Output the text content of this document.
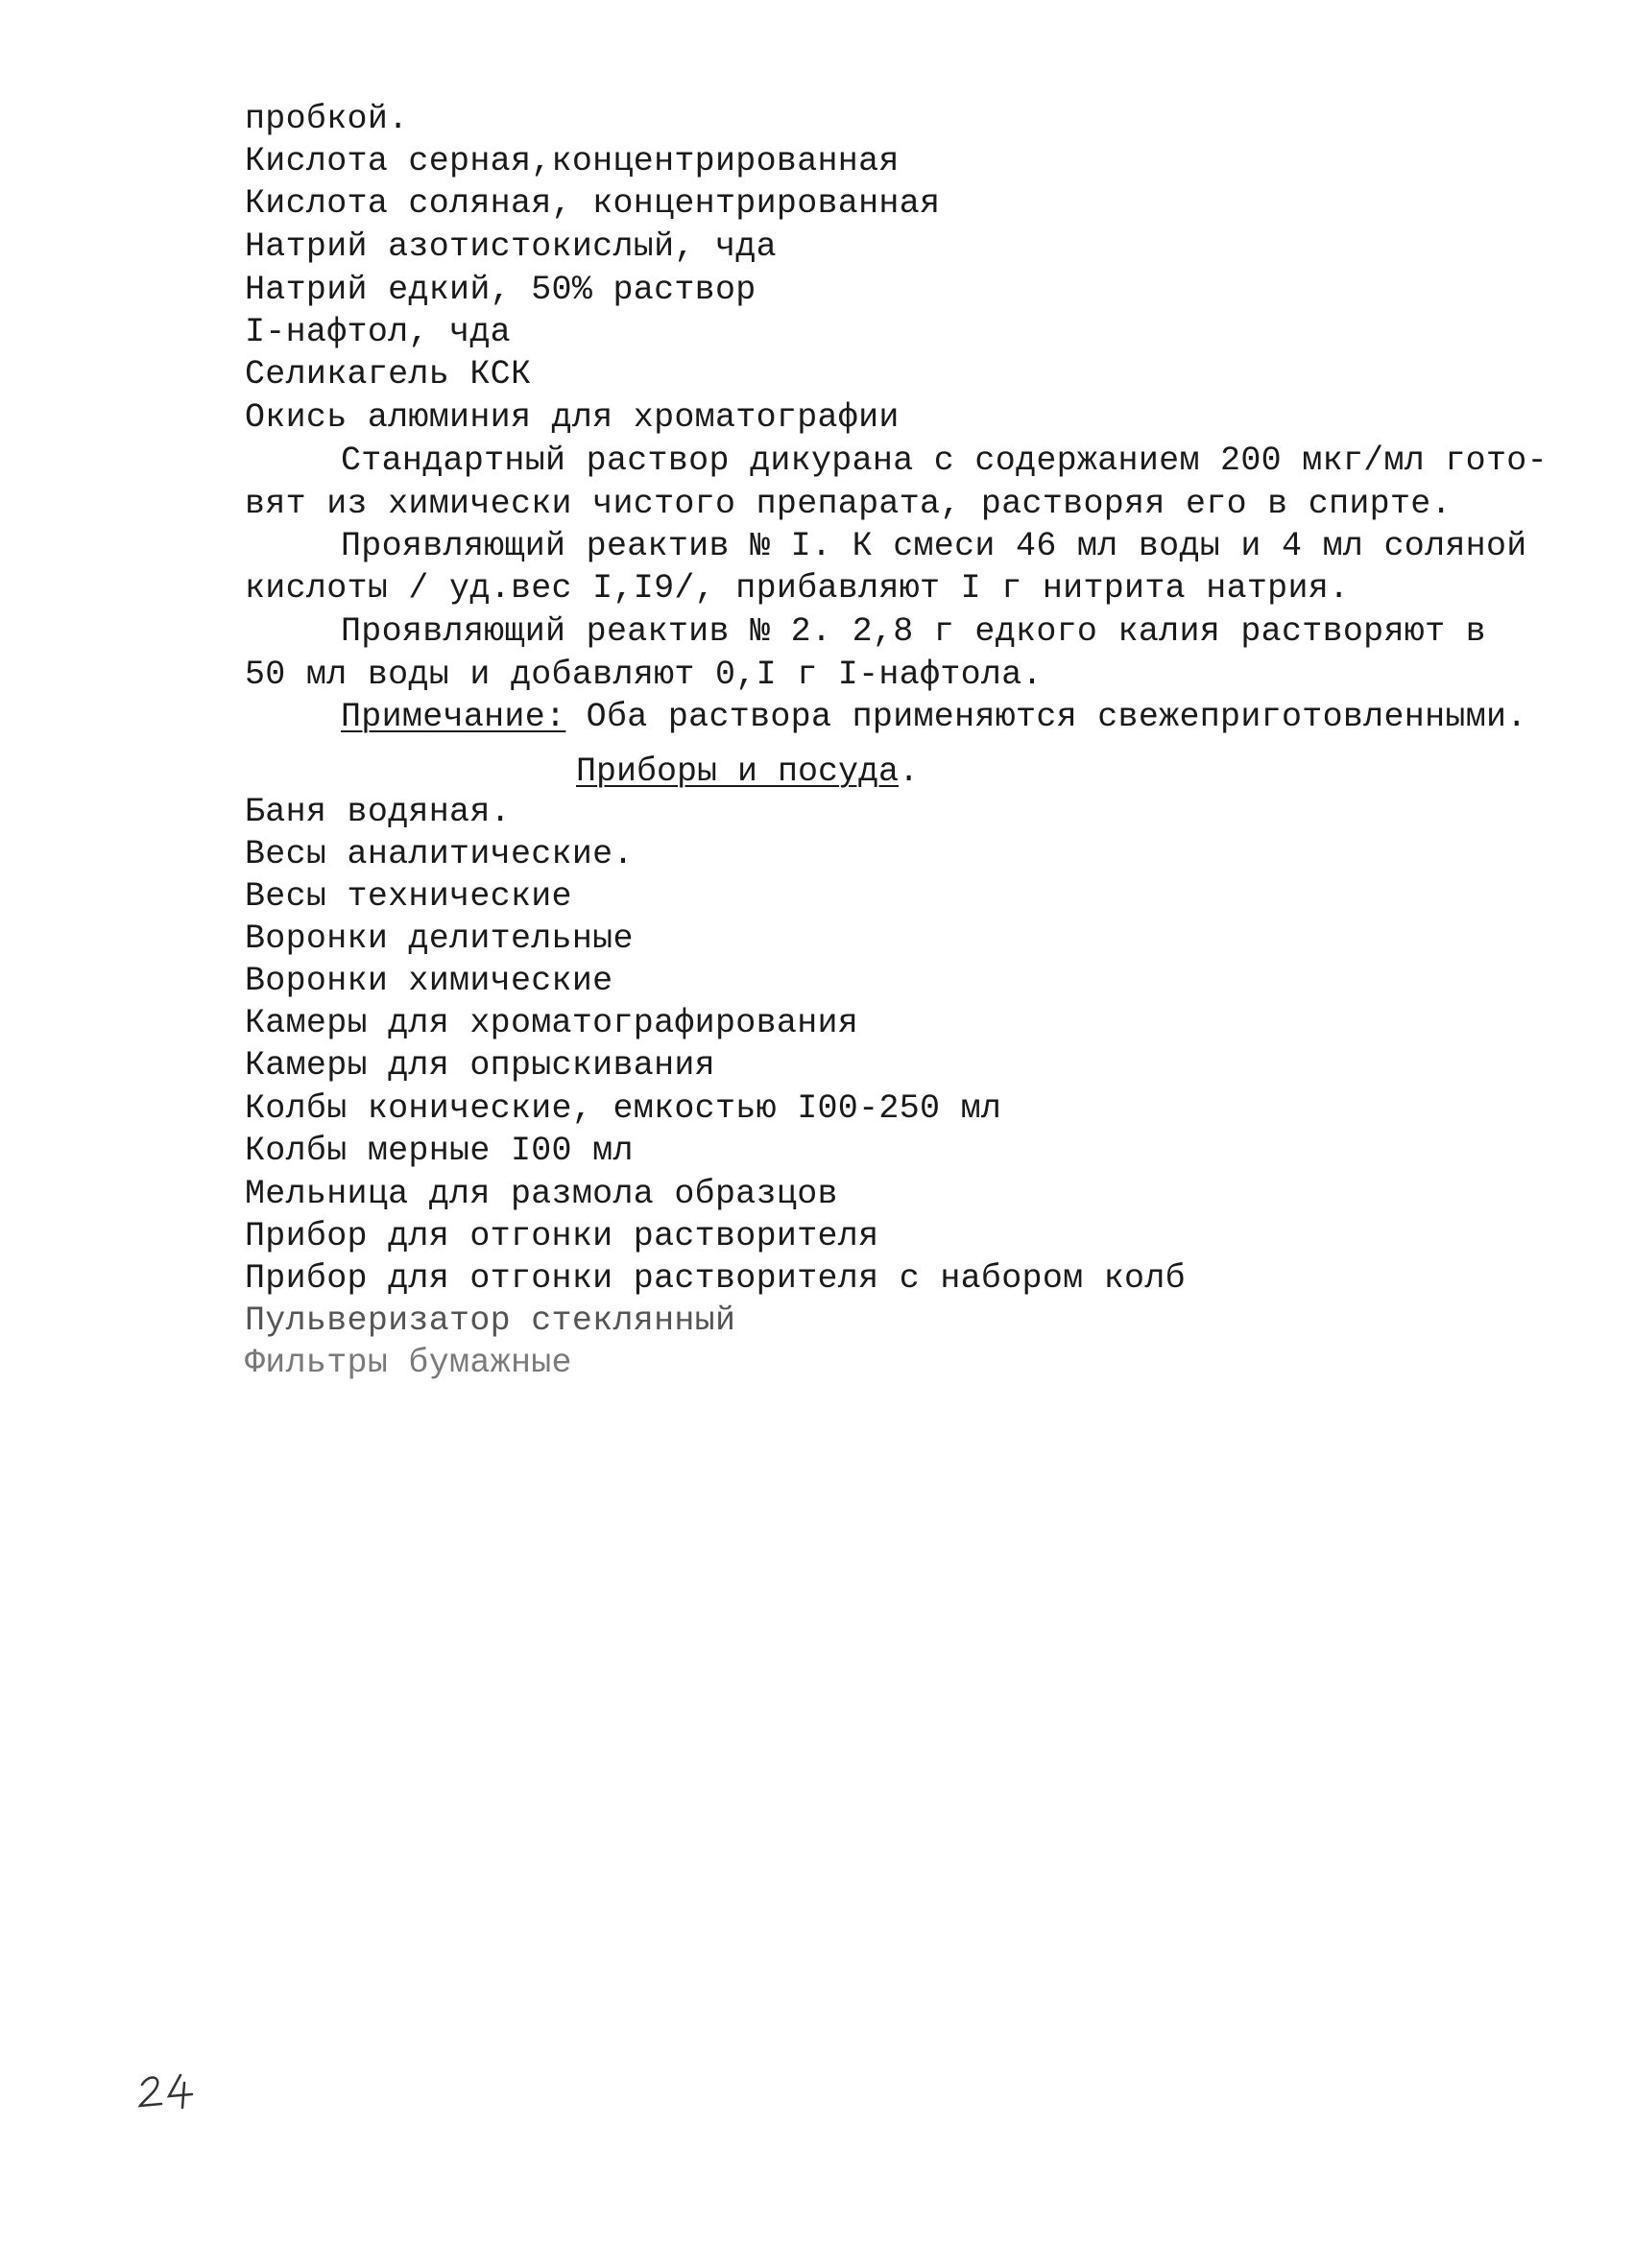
пробкой.
Кислота серная,концентрированная
Кислота соляная, концентрированная
Натрий азотистокислый, чда
Натрий едкий, 50% раствор
I-нафтол, чда
Селикагель КСК
Окись алюминия для хроматографии
Стандартный раствор дикурана с содержанием 200 мкг/мл гото-
вят из химически чистого препарата, растворяя его в спирте.
Проявляющий реактив № I. К смеси 46 мл воды и 4 мл соляной
кислоты / уд.вес I,I9/, прибавляют I г нитрита натрия.
Проявляющий реактив № 2. 2,8 г едкого калия растворяют в
50 мл воды и добавляют 0,I г I-нафтола.
Примечание: Оба раствора применяются свежеприготовленными.
Приборы и посуда.
Баня водяная.
Весы аналитические.
Весы технические
Воронки делительные
Воронки химические
Камеры для хроматографирования
Камеры для опрыскивания
Колбы конические, емкостью I00-250 мл
Колбы мерные I00 мл
Мельница для размола образцов
Прибор для отгонки растворителя
Прибор для отгонки растворителя с набором колб
Пульверизатор стеклянный
Фильтры бумажные
